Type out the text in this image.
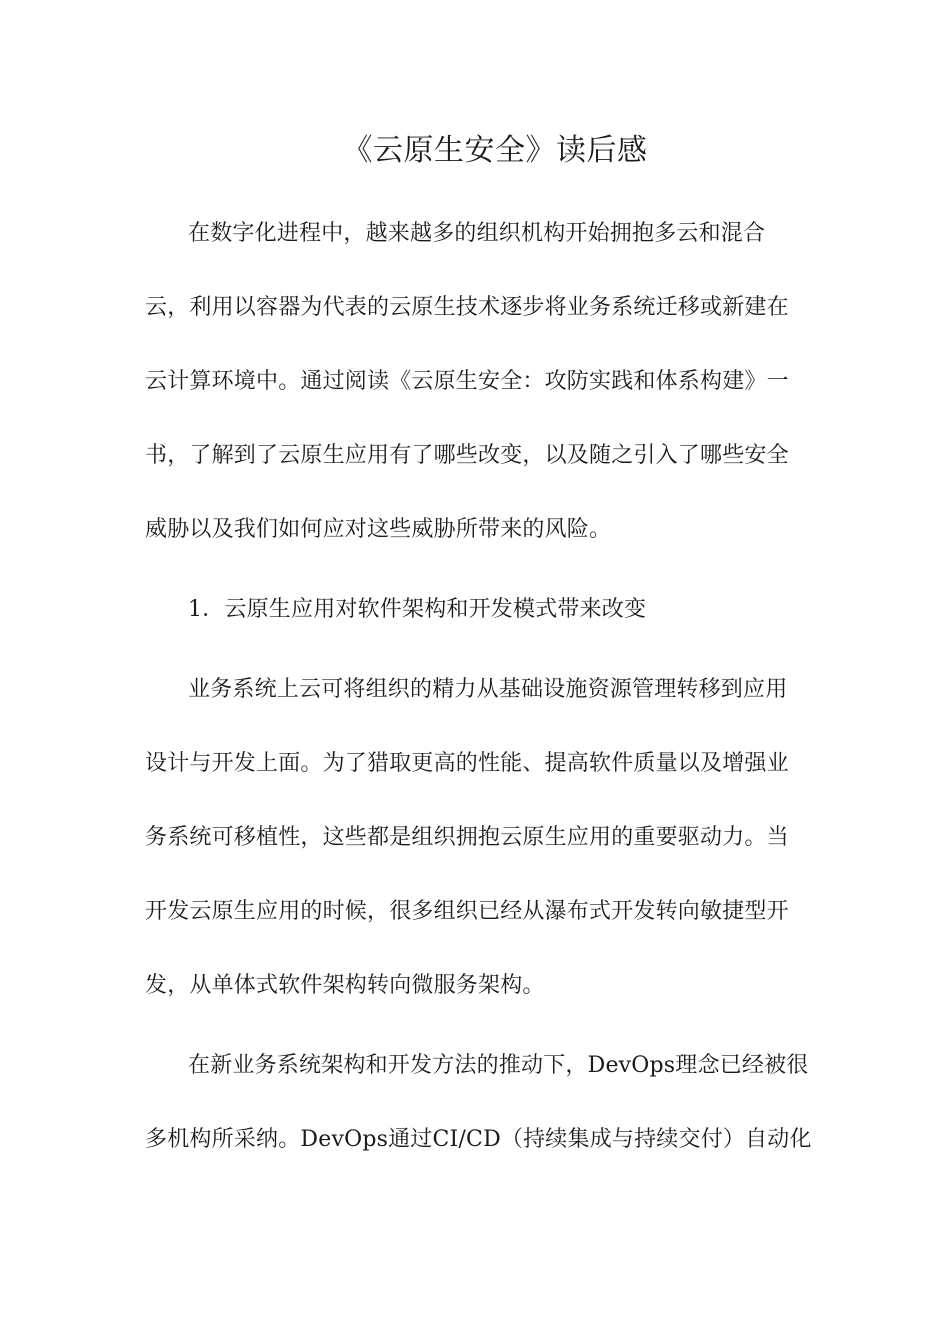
《云原生安全》读后感

在数字化进程中，越来越多的组织机构开始拥抱多云和混合

云，利用以容器为代表的云原生技术逐步将业务系统迁移或新建在

云计算环境中。通过阅读《云原生安全：攻防实践和体系构建》一

书，了解到了云原生应用有了哪些改变，以及随之引入了哪些安全

威胁以及我们如何应对这些威胁所带来的风险。

1．云原生应用对软件架构和开发模式带来改变

业务系统上云可将组织的精力从基础设施资源管理转移到应用

设计与开发上面。为了猎取更高的性能、提高软件质量以及增强业

务系统可移植性，这些都是组织拥抱云原生应用的重要驱动力。当

开发云原生应用的时候，很多组织已经从瀑布式开发转向敏捷型开

发，从单体式软件架构转向微服务架构。

在新业务系统架构和开发方法的推动下，DevOps理念已经被很

多机构所采纳。DevOps通过CI/CD（持续集成与持续交付）自动化
